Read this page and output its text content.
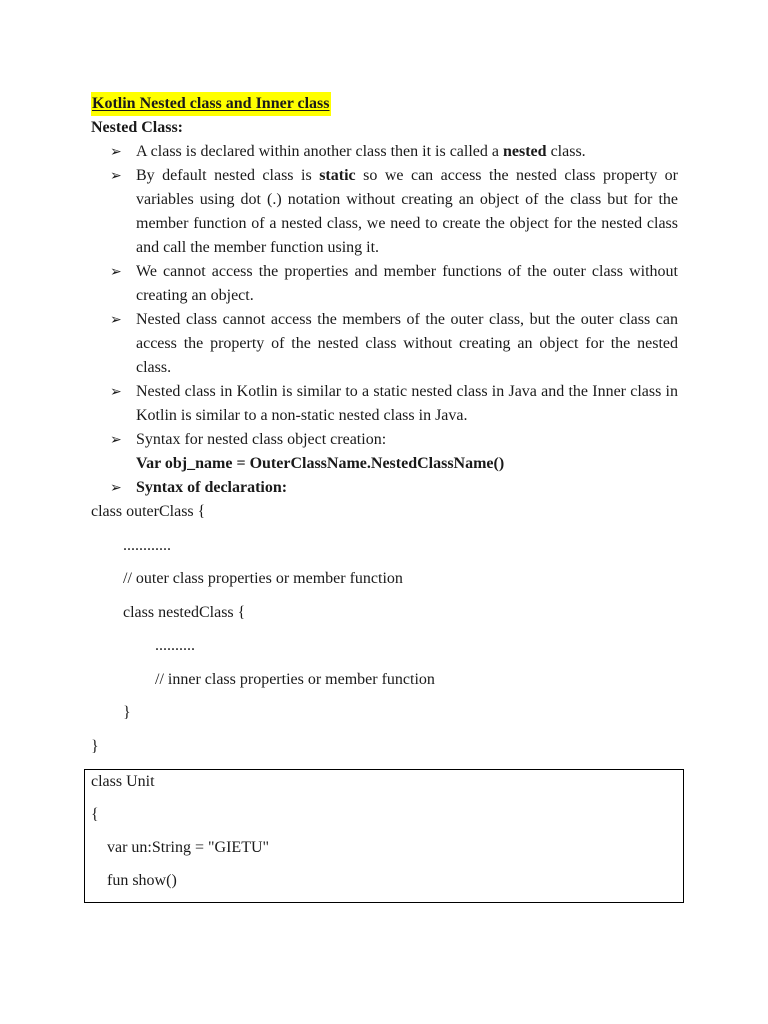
Kotlin Nested class and Inner class
Nested Class:
➢ A class is declared within another class then it is called a nested class.
➢ By default nested class is static so we can access the nested class property or variables using dot (.) notation without creating an object of the class but for the member function of a nested class, we need to create the object for the nested class and call the member function using it.
➢ We cannot access the properties and member functions of the outer class without creating an object.
➢ Nested class cannot access the members of the outer class, but the outer class can access the property of the nested class without creating an object for the nested class.
➢ Nested class in Kotlin is similar to a static nested class in Java and the Inner class in Kotlin is similar to a non-static nested class in Java.
➢ Syntax for nested class object creation:
Var obj_name = OuterClassName.NestedClassName()
➢ Syntax of declaration:
class outerClass {
............
// outer class properties or member function
class nestedClass {
..........
// inner class properties or member function
}
}
class Unit
{
var un:String = "GIETU"
fun show()
